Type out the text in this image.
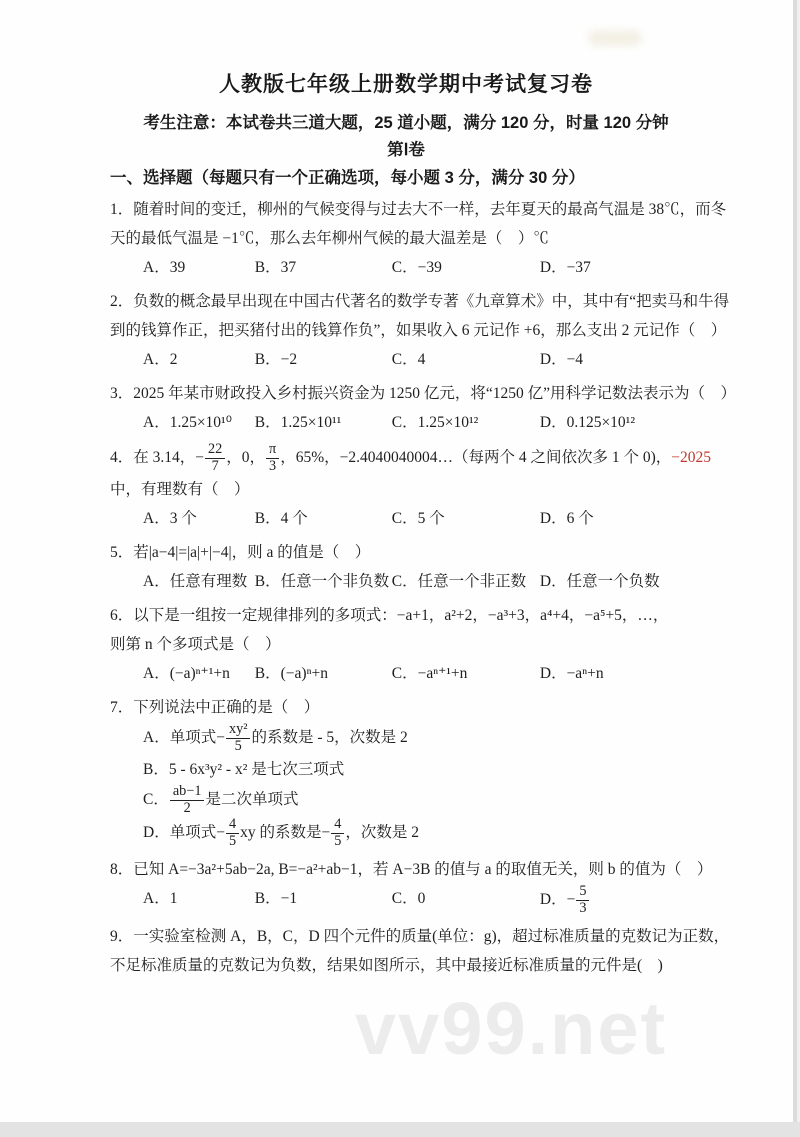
人教版七年级上册数学期中考试复习卷
考生注意：本试卷共三道大题，25 道小题，满分 120 分，时量 120 分钟
第Ⅰ卷
一、选择题（每题只有一个正确选项，每小题 3 分，满分 30 分）
1．随着时间的变迁，柳州的气候变得与过去大不一样，去年夏天的最高气温是 38℃，而冬
天的最低气温是 −1℃，那么去年柳州气候的最大温差是（　）℃
A．39	B．37	C．−39	D．−37
2．负数的概念最早出现在中国古代著名的数学专著《九章算术》中，其中有“把卖马和牛得
到的钱算作正，把买猪付出的钱算作负”，如果收入 6 元记作 +6，那么支出 2 元记作（　）
A．2	B．−2	C．4	D．−4
3．2025 年某市财政投入乡村振兴资金为 1250 亿元，将“1250 亿”用科学记数法表示为（　）
A．1.25×10¹⁰	B．1.25×10¹¹	C．1.25×10¹²	D．0.125×10¹²
4．在 3.14，− $\frac{22}{7}$ ，0， $\frac{\pi}{3}$ ，65%，−2.4040040004…（每两个 4 之间依次多 1 个 0)，−2025
中，有理数有（　）
A．3 个	B．4 个	C．5 个	D．6 个
5．若|a−4|=|a|+|−4|，则 a 的值是（　）
A．任意有理数 B．任意一个非负数 C．任意一个非正数 D．任意一个负数
6．以下是一组按一定规律排列的多项式：−a+1，a²+2，−a³+3，a⁴+4，−a⁵+5，…，
则第 n 个多项式是（　）
A．(−a)ⁿ⁺¹+n	B．(−a)ⁿ+n	C．−aⁿ⁺¹+n	D．−aⁿ+n
7．下列说法中正确的是（　）
A．单项式− $\frac{\text{xy²}}{5}$ 的系数是 - 5，次数是 2
B．5 - 6x³y² - x² 是七次三项式
C． $\frac{ab-1}{2}$ 是二次单项式
D．单项式− $\frac{4}{5}$ xy 的系数是− $\frac{4}{5}$ ，次数是 2
8．已知 A=−3a²+5ab−2a, B=−a²+ab−1，若 A−3B 的值与 a 的取值无关，则 b 的值为（　）
A．1	B．−1	C．0	D．− $\frac{5}{3}$
9．一实验室检测 A，B，C，D 四个元件的质量(单位：g)，超过标准质量的克数记为正数，
不足标准质量的克数记为负数，结果如图所示，其中最接近标准质量的元件是(　)
vv99.net
